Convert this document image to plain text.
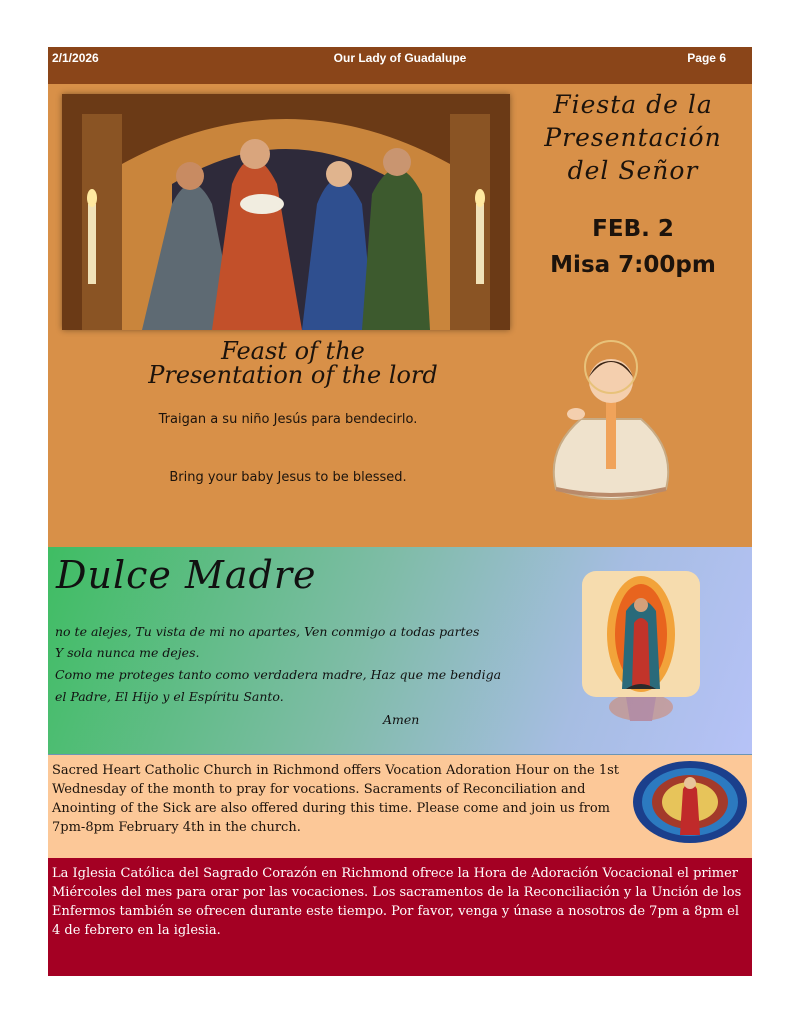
2/1/2026	Our Lady of Guadalupe	Page 6
Fiesta de la
Presentación
del Señor
FEB. 2
Misa 7:00pm
Feast of the
Presentation of the lord
Traigan a su niño Jesús para bendecirlo.
Bring your baby Jesus to be blessed.
Dulce Madre
no te alejes, Tu vista de mi no apartes, Ven conmigo a todas partes
Y sola nunca me dejes.
Como me proteges tanto como verdadera madre, Haz que me bendiga
el Padre, El Hijo y el Espíritu Santo.
Amen
Sacred Heart Catholic Church in Richmond offers Vocation Adoration Hour on the 1st Wednesday of the month to pray for vocations. Sacraments of Reconciliation and Anointing of the Sick are also offered during this time. Please come and join us from 7pm-8pm February 4th in the church.
La Iglesia Católica del Sagrado Corazón en Richmond ofrece la Hora de Adoración Vocacional el primer Miércoles del mes para orar por las vocaciones. Los sacramentos de la Reconciliación y la Unción de los Enfermos también se ofrecen durante este tiempo. Por favor, venga y únase a nosotros de 7pm a 8pm el 4 de febrero en la iglesia.
